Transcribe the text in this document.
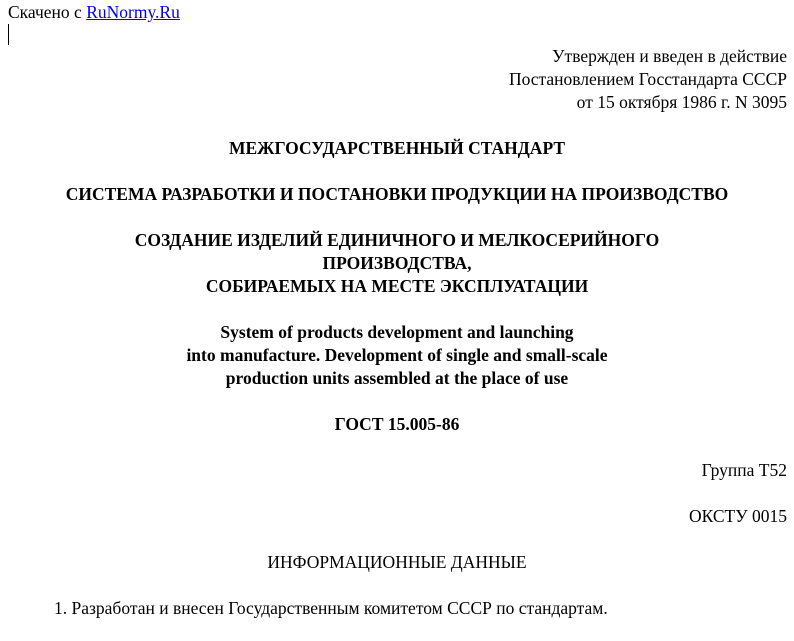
Скачено с RuNormy.Ru
Утвержден и введен в действие
Постановлением Госстандарта СССР
от 15 октября 1986 г. N 3095
МЕЖГОСУДАРСТВЕННЫЙ СТАНДАРТ
СИСТЕМА РАЗРАБОТКИ И ПОСТАНОВКИ ПРОДУКЦИИ НА ПРОИЗВОДСТВО
СОЗДАНИЕ ИЗДЕЛИЙ ЕДИНИЧНОГО И МЕЛКОСЕРИЙНОГО
ПРОИЗВОДСТВА,
СОБИРАЕМЫХ НА МЕСТЕ ЭКСПЛУАТАЦИИ
System of products development and launching
into manufacture. Development of single and small-scale
production units assembled at the place of use
ГОСТ 15.005-86
Группа Т52
ОКСТУ 0015
ИНФОРМАЦИОННЫЕ ДАННЫЕ
1. Разработан и внесен Государственным комитетом СССР по стандартам.
